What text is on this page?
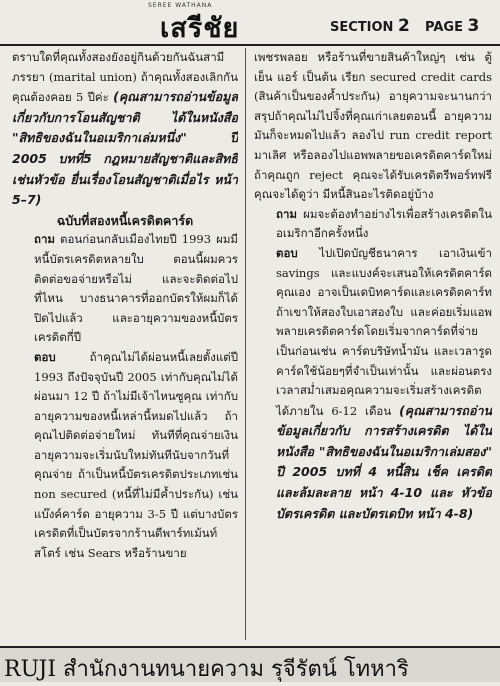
SEREE WATHANA
เสรีชัย	SECTION 2 PAGE 3

ตราบใดที่คุณทั้งสองยังอยู่กินด้วยกันฉันสามีภรรยา (marital union) ถ้าคุณทั้งสองเลิกกัน คุณต้องคอย 5 ปีค่ะ (คุณสามารถอ่านข้อมูลเกี่ยวกับการโอนสัญชาติ ได้ในหนังสือ "สิทธิของฉันในอเมริกาเล่มหนึ่ง" ปี 2005 บทที่5 กฎหมายสัญชาติและสิทธิเช่นหัวข้อ ยื่นเรื่องโอนสัญชาติเมื่อไร หน้า 5–7)

ฉบับที่สองหนี้เครดิตคาร์ด

ถาม ตอนก่อนกลับเมืองไทยปี 1993 ผมมีหนี้บัตรเครดิตหลายใบ ตอนนี้ผมควรติดต่อขอจ่ายหรือไม่ และจะติดต่อไปที่ไหน บางธนาคารที่ออกบัตรให้ผมก็ได้ปิดไปแล้ว และอายุความของหนี้บัตรเครดิตกี่ปี

ตอบ	ถ้าคุณไม่ได้ผ่อนหนี้เลยตั้งแต่ปี 1993 ถึงปัจจุบันปี 2005 เท่ากับคุณไม่ได้ผ่อนมา 12 ปี ถ้าไม่มีเจ้าไหนซูคุณ เท่ากับอายุความของหนี้เหล่านี้หมดไปแล้ว ถ้าคุณไปติดต่อจ่ายใหม่ ทันทีที่คุณจ่ายเงิน อายุความจะเริ่มนับใหม่ทันทีนับจากวันที่คุณจ่าย ถ้าเป็นหนี้บัตรเครดิตประเภทเช่น non secured (หนี้ที่ไม่มีค้ำประกัน) เช่นแบ๊งค์คาร์ด อายุความ 3-5 ปี แต่บางบัตรเครดิตที่เป็นบัตรจากร้านดีพาร์ทเม้นท์สโตร์ เช่น Sears หรือร้านขาย

เพชรพลอย หรือร้านที่ขายสินค้าใหญ่ๆ เช่น ตู้เย็น แอร์ เป็นต้น เรียก secured credit cards (สินค้าเป็นของค้ำประกัน) อายุความจะนานกว่า สรุปถ้าคุณไม่ไปจิ้งที่คุณเก่าเลยตอนนี้ อายุความมันก็จะหมดไปแล้ว ลองไป run credit report มาเลิศ หรือลองไปแอพพลายขอเครดิตคาร์ดใหม่ ถ้าคุณถูก reject คุณจะได้รับเครดิตรีพอร์ทฟรี คุณจะได้ดูว่า มีหนี้สินอะไรติดอยู่บ้าง

ถาม ผมจะต้องทำอย่างไรเพื่อสร้างเครดิตในอเมริกาอีกครั้งหนึ่ง

ตอบ ไปเปิดบัญชีธนาคาร เอาเงินเข้า savings และแบงค์จะเสนอให้เครดิตคาร์ดคุณเอง อาจเป็นเดบิทคาร์ดและเครดิตคาร์ท ถ้าเขาให้สองใบเอาสองใบ และค่อยเริ่มแอพพลายเครดิตคาร์ดโดยเริ่มจากคาร์ดที่จ่ายเป็นก่อนเช่น คาร์ดบริษัทน้ำมัน และเวลารูดคาร์ดใช้น้อยๆที่จำเป็นเท่านั้น และผ่อนตรงเวลาสม่ำเสมอคุณความจะเริ่มสร้างเครดิตได้ภายใน 6-12 เดือน (คุณสามารถอ่านข้อมูลเกี่ยวกับ การสร้างเครดิต ได้ในหนังสือ "สิทธิของฉันในอเมริกาเล่มสอง" ปี 2005 บทที่ 4 หนี้สิน เช็ค เครดิต และล้มละลาย หน้า 4-10 และ หัวข้อ บัตรเครดิต และบัตรเดบิท หน้า 4-8)

RUJI สำนักงานทนายความ รุจีรัตน์ โทหาริ
